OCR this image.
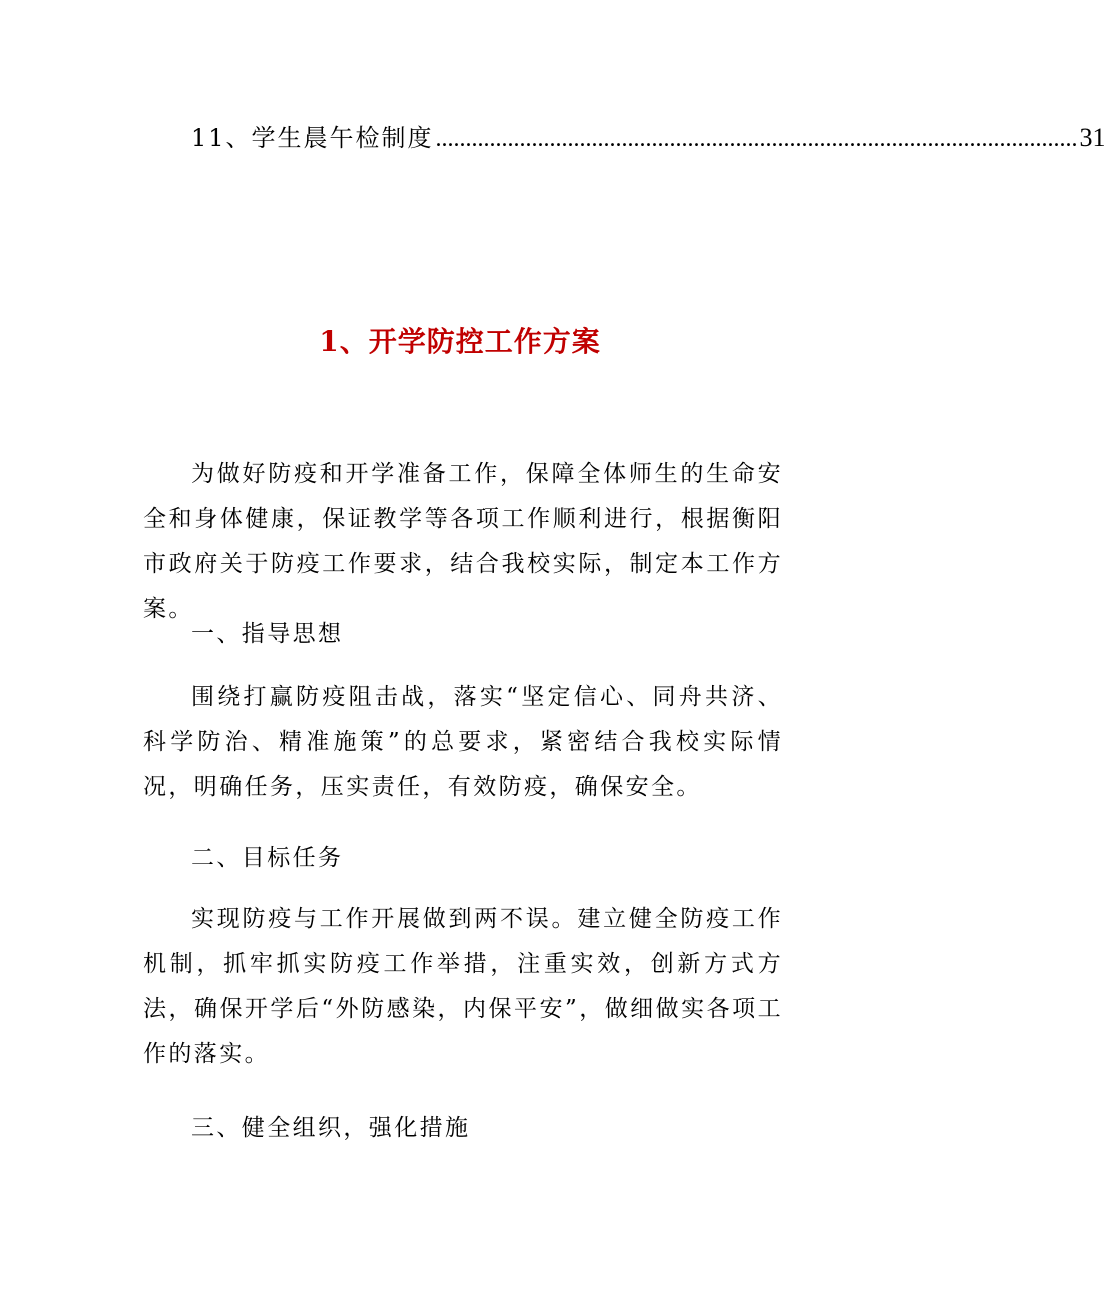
11、 学生晨午检制度 ........................................................................................................... 31
1、开学防控工作方案

为做好防疫和开学准备工作，保障全体师生的生命安全和身体健康，保证教学等各项工作顺利进行，根据衡阳市政府关于防疫工作要求，结合我校实际，制定本工作方案。

一、指导思想

围绕打赢防疫阻击战，落实“坚定信心、同舟共济、科学防治、精准施策”的总要求，紧密结合我校实际情况，明确任务，压实责任，有效防疫，确保安全。

二、目标任务

实现防疫与工作开展做到两不误。建立健全防疫工作机制，抓牢抓实防疫工作举措，注重实效，创新方式方法，确保开学后“外防感染，内保平安”，做细做实各项工作的落实。

三、健全组织，强化措施
